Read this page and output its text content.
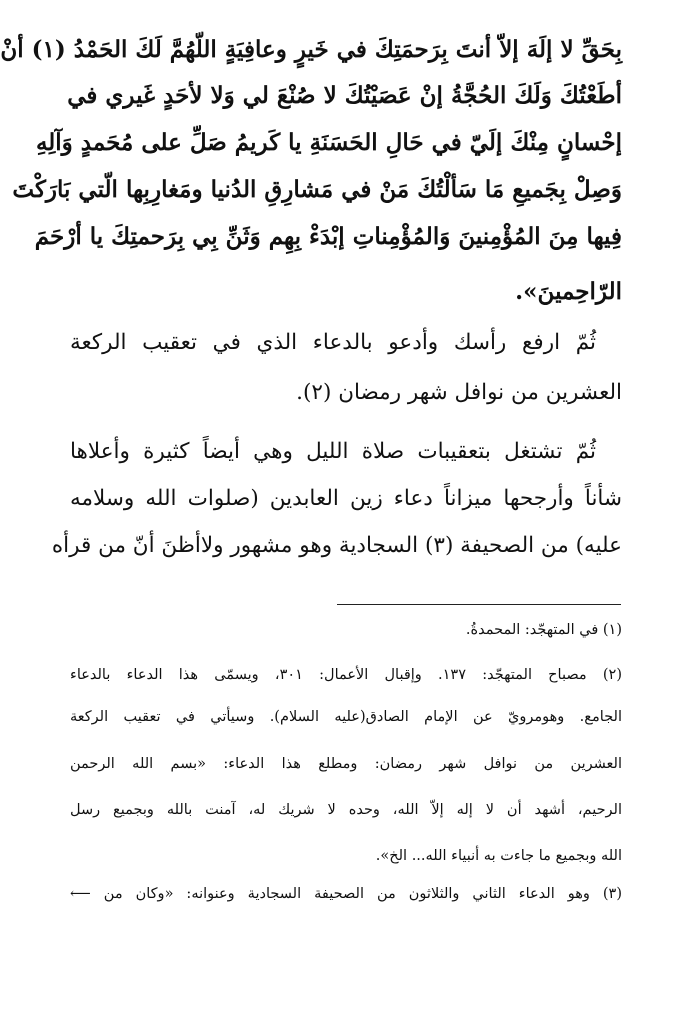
بِحَقِّ لا إلَهَ إلاّ أنتَ بِرَحمَتِكَ في خَيرٍ وعافِيَةٍ اللّهُمَّ لَكَ الحَمْدُ (١) أنْ
أطَعْتُكَ وَلَكَ الحُجَّةُ إنْ عَصَيْتُكَ لا صُنْعَ لي وَلا لأحَدٍ غَيري في
إحْسانٍ مِنْكَ إلَيّ في حَالِ الحَسَنَةِ يا كَريمُ صَلِّ على مُحَمدٍ وَآلِهِ
وَصِلْ بِجَميعِ مَا سَألْتُكَ مَنْ في مَشارِقِ الدُنيا ومَغارِبِها الّتي بَارَكْتَ
فِيها مِنَ المُؤْمِنينَ وَالمُؤْمِناتِ إبْدَءْ بِهِم وَثَنِّ بِي بِرَحمتِكَ يا أرْحَمَ
الرّاحِمينَ».
ثُمّ ارفع رأسك وأدعو بالدعاء الذي في تعقيب الركعة
العشرين من نوافل شهر رمضان (٢).
ثُمّ تشتغل بتعقيبات صلاة الليل وهي أيضاً كثيرة وأعلاها
شأناً وأرجحها ميزاناً دعاء زين العابدين (صلوات الله وسلامه
عليه) من الصحيفة (٣) السجادية وهو مشهور ولاأظنَ أنّ من قرأه
(١) في المتهجّد: المحمدةُ.
(٢) مصباح المتهجّد: ١٣٧. وإقبال الأعمال: ٣٠١، ويسمّى هذا الدعاء بالدعاء
الجامع. وهومرويّ عن الإمام الصادق(عليه السلام). وسيأتي في تعقيب الركعة
العشرين من نوافل شهر رمضان: ومطلع هذا الدعاء: «بسم الله الرحمن
الرحيم، أشهد أن لا إله إلاّ الله، وحده لا شريك له، آمنت بالله وبجميع رسل
الله وبجميع ما جاءت به أنبياء الله... الخ».
(٣) وهو الدعاء الثاني والثلاثون من الصحيفة السجادية وعنوانه: «وكان من ⟵
